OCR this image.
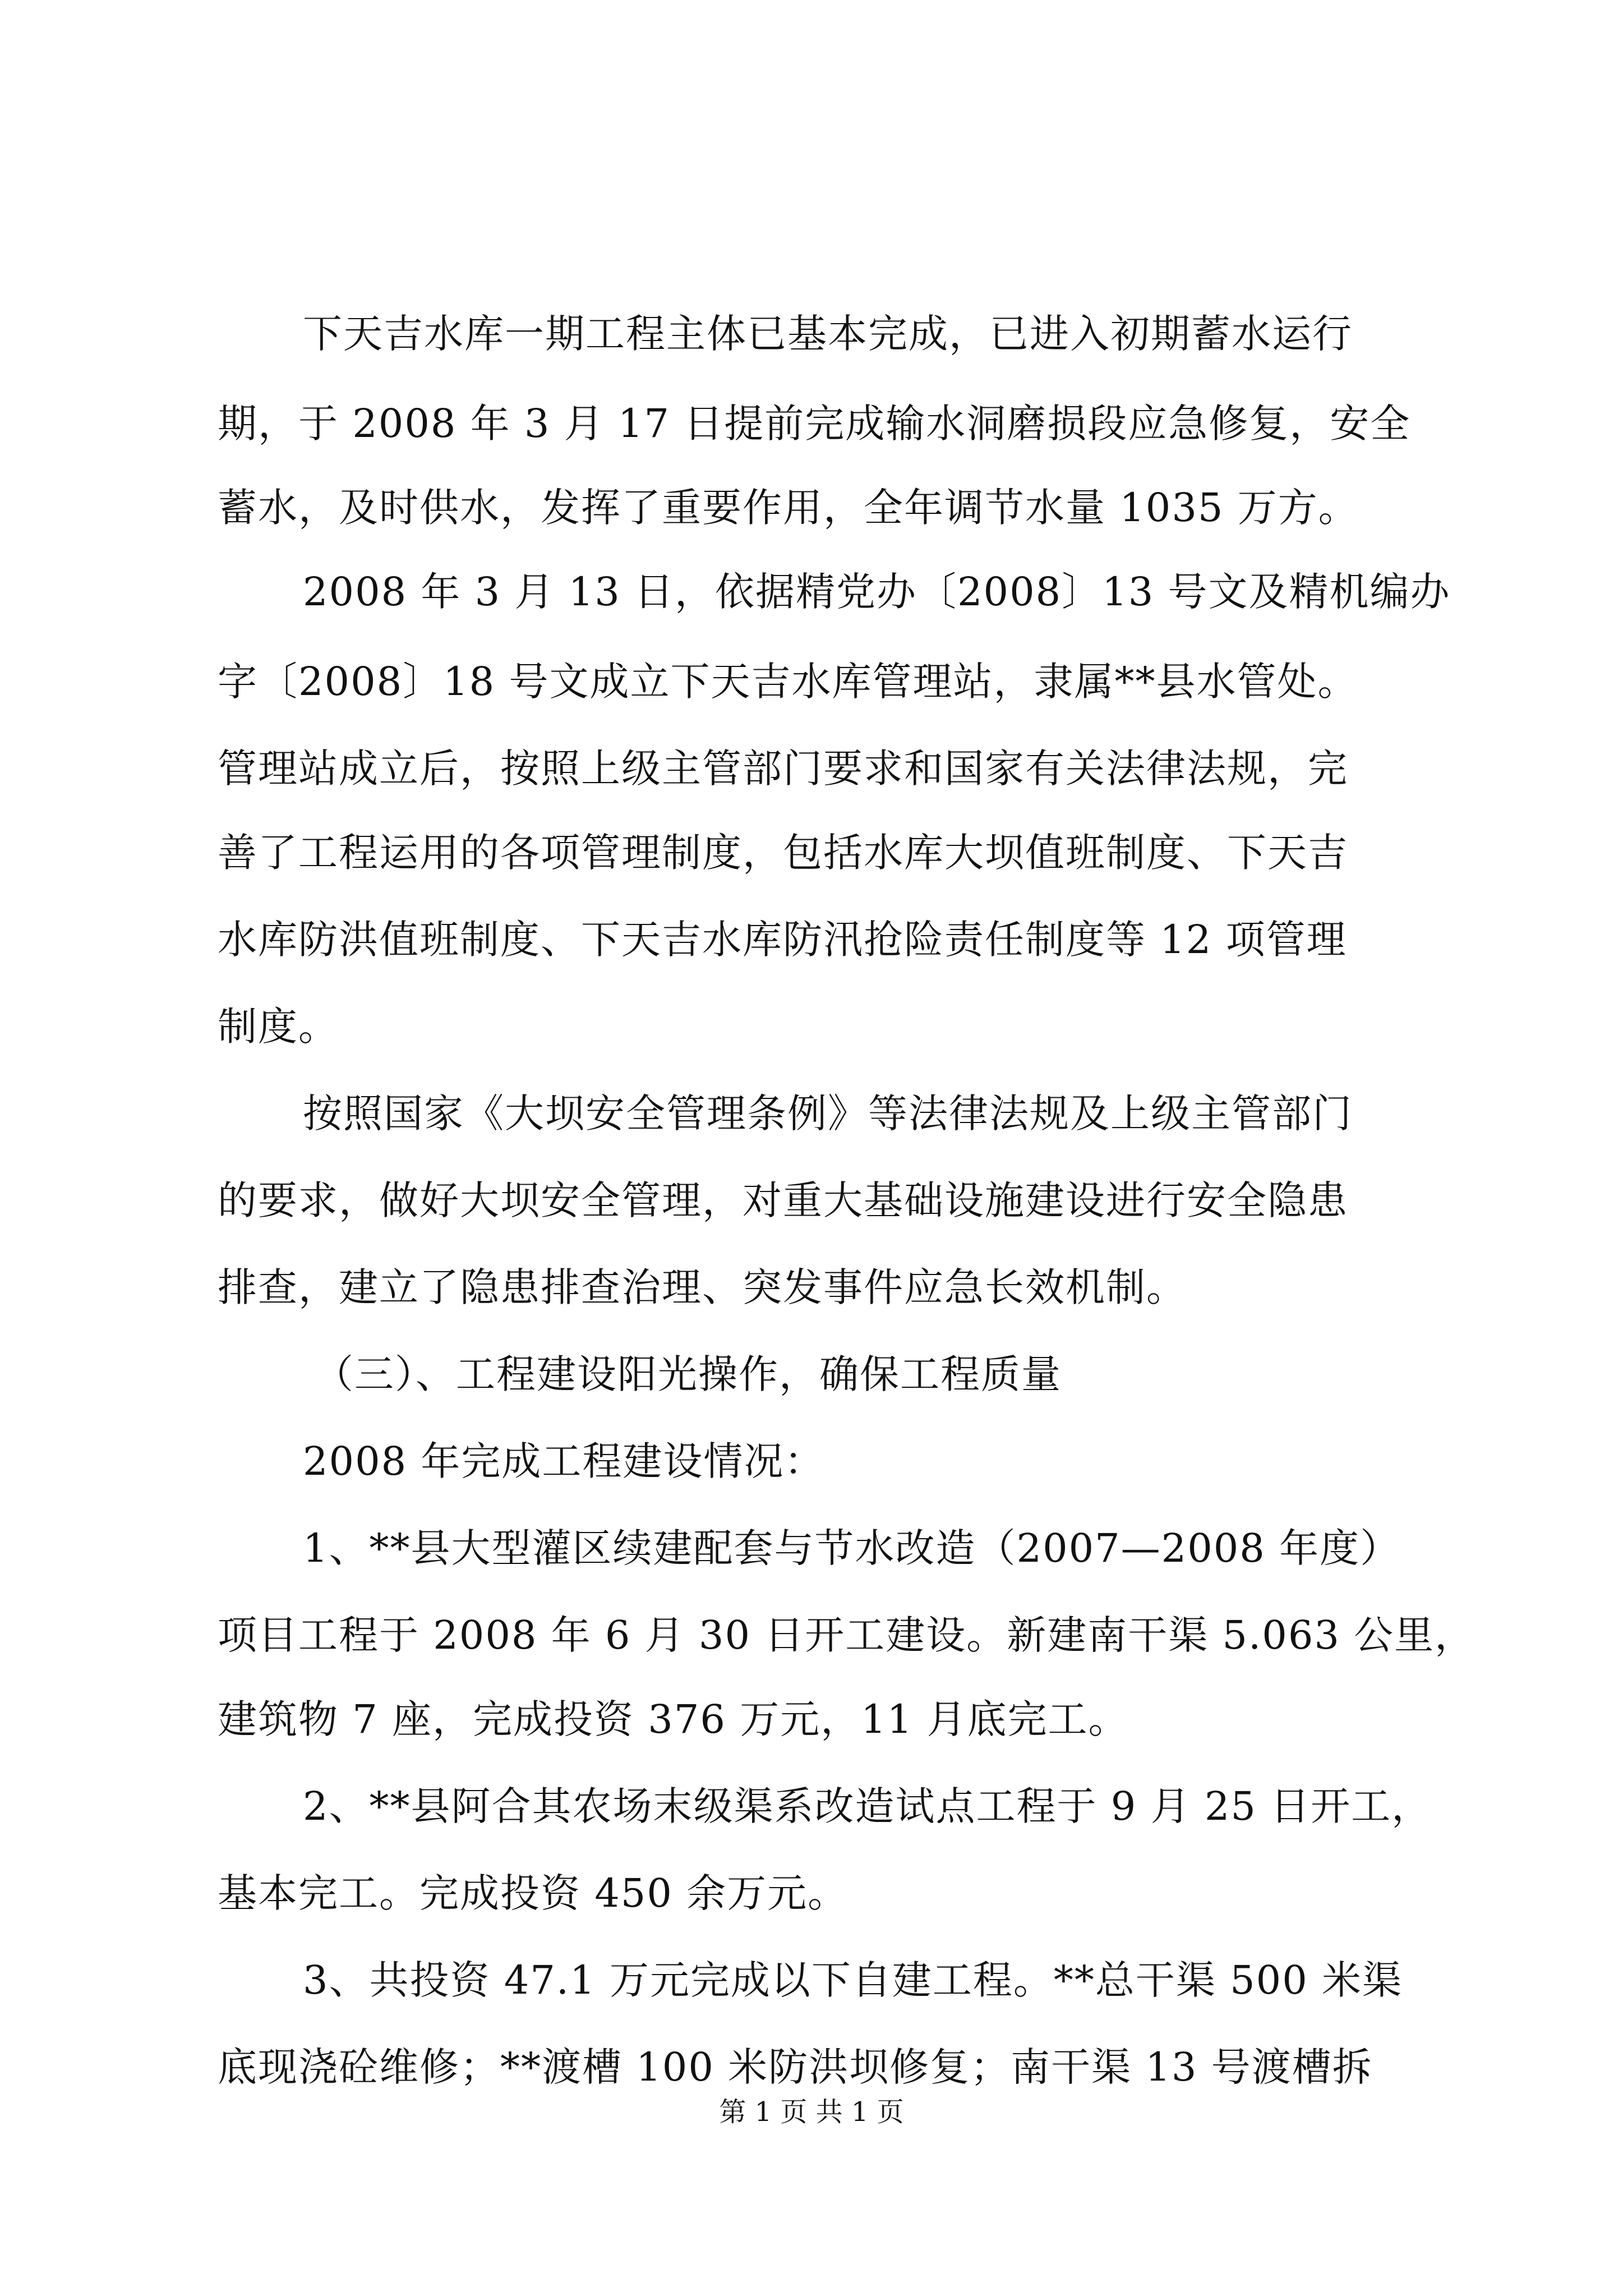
下天吉水库一期工程主体已基本完成，已进入初期蓄水运行
期，于 2008 年 3 月 17 日提前完成输水洞磨损段应急修复，安全
蓄水，及时供水，发挥了重要作用，全年调节水量 1035 万方。
2008 年 3 月 13 日，依据精党办〔2008〕13 号文及精机编办
字〔2008〕18 号文成立下天吉水库管理站，隶属**县水管处。
管理站成立后，按照上级主管部门要求和国家有关法律法规，完
善了工程运用的各项管理制度，包括水库大坝值班制度、下天吉
水库防洪值班制度、下天吉水库防汛抢险责任制度等 12 项管理
制度。
按照国家《大坝安全管理条例》等法律法规及上级主管部门
的要求，做好大坝安全管理，对重大基础设施建设进行安全隐患
排查，建立了隐患排查治理、突发事件应急长效机制。
（三）、工程建设阳光操作，确保工程质量
2008 年完成工程建设情况：
1、**县大型灌区续建配套与节水改造（2007—2008 年度）
项目工程于 2008 年 6 月 30 日开工建设。新建南干渠 5.063 公里，
建筑物 7 座，完成投资 376 万元，11 月底完工。
2、**县阿合其农场末级渠系改造试点工程于 9 月 25 日开工，
基本完工。完成投资 450 余万元。
3、共投资 47.1 万元完成以下自建工程。**总干渠 500 米渠
底现浇砼维修；**渡槽 100 米防洪坝修复；南干渠 13 号渡槽拆
第 1 页 共 1 页
